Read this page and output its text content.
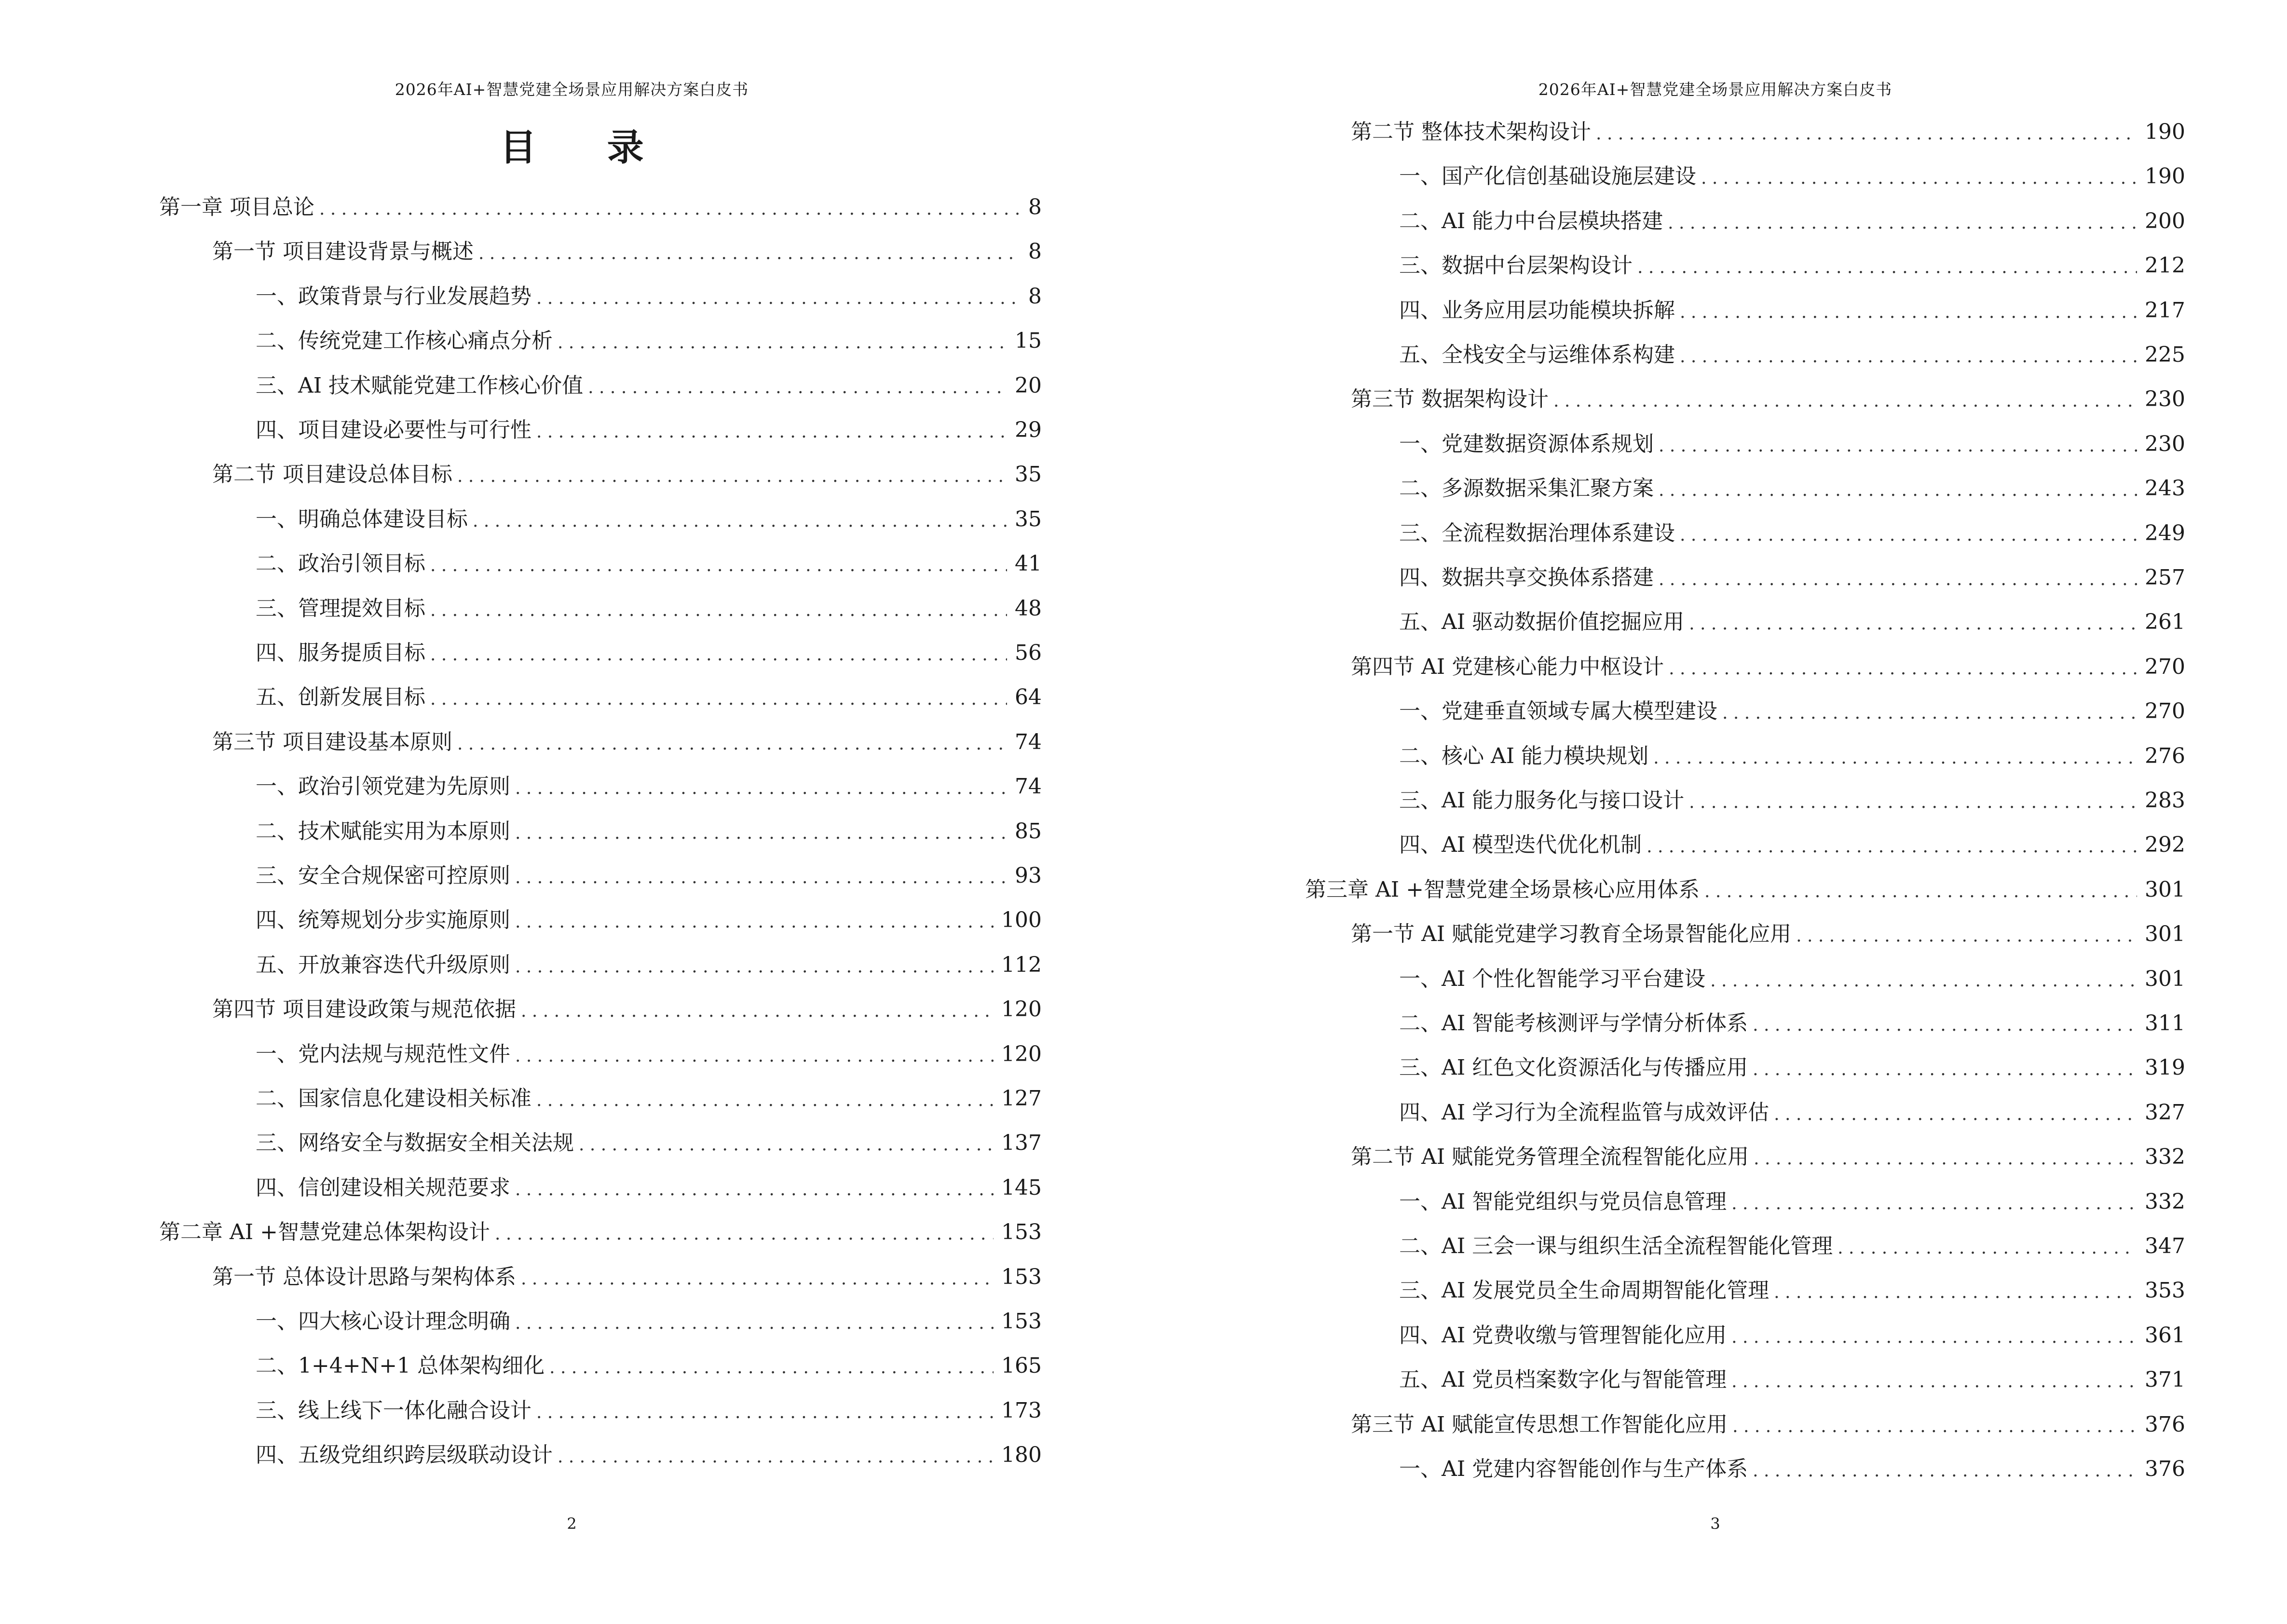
2026年AI+智慧党建全场景应用解决方案白皮书
目 录
第一章 项目总论 . . .	8
第一节 项目建设背景与概述 . . .	8
一、政策背景与行业发展趋势 . . .	8
二、传统党建工作核心痛点分析 . . .	15
三、AI 技术赋能党建工作核心价值 . . .	20
四、项目建设必要性与可行性 . . .	29
第二节 项目建设总体目标 . . .	35
一、明确总体建设目标 . . .	35
二、政治引领目标 . . .	41
三、管理提效目标 . . .	48
四、服务提质目标 . . .	56
五、创新发展目标 . . .	64
第三节 项目建设基本原则 . . .	74
一、政治引领党建为先原则 . . .	74
二、技术赋能实用为本原则 . . .	85
三、安全合规保密可控原则 . . .	93
四、统筹规划分步实施原则 . . .	100
五、开放兼容迭代升级原则 . . .	112
第四节 项目建设政策与规范依据 . . .	120
一、党内法规与规范性文件 . . .	120
二、国家信息化建设相关标准 . . .	127
三、网络安全与数据安全相关法规 . . .	137
四、信创建设相关规范要求 . . .	145
第二章 AI +智慧党建总体架构设计 . . .	153
第一节 总体设计思路与架构体系 . . .	153
一、四大核心设计理念明确 . . .	153
二、1+4+N+1 总体架构细化 . . .	165
三、线上线下一体化融合设计 . . .	173
四、五级党组织跨层级联动设计 . . .	180
2
2026年AI+智慧党建全场景应用解决方案白皮书
第二节 整体技术架构设计 . . .	190
一、国产化信创基础设施层建设 . . .	190
二、AI 能力中台层模块搭建 . . .	200
三、数据中台层架构设计 . . .	212
四、业务应用层功能模块拆解 . . .	217
五、全栈安全与运维体系构建 . . .	225
第三节 数据架构设计 . . .	230
一、党建数据资源体系规划 . . .	230
二、多源数据采集汇聚方案 . . .	243
三、全流程数据治理体系建设 . . .	249
四、数据共享交换体系搭建 . . .	257
五、AI 驱动数据价值挖掘应用 . . .	261
第四节 AI 党建核心能力中枢设计 . . .	270
一、党建垂直领域专属大模型建设 . . .	270
二、核心 AI 能力模块规划 . . .	276
三、AI 能力服务化与接口设计 . . .	283
四、AI 模型迭代优化机制 . . .	292
第三章 AI +智慧党建全场景核心应用体系 . . .	301
第一节 AI 赋能党建学习教育全场景智能化应用 . . .	301
一、AI 个性化智能学习平台建设 . . .	301
二、AI 智能考核测评与学情分析体系 . . .	311
三、AI 红色文化资源活化与传播应用 . . .	319
四、AI 学习行为全流程监管与成效评估 . . .	327
第二节 AI 赋能党务管理全流程智能化应用 . . .	332
一、AI 智能党组织与党员信息管理 . . .	332
二、AI 三会一课与组织生活全流程智能化管理 . . .	347
三、AI 发展党员全生命周期智能化管理 . . .	353
四、AI 党费收缴与管理智能化应用 . . .	361
五、AI 党员档案数字化与智能管理 . . .	371
第三节 AI 赋能宣传思想工作智能化应用 . . .	376
一、AI 党建内容智能创作与生产体系 . . .	376
3
